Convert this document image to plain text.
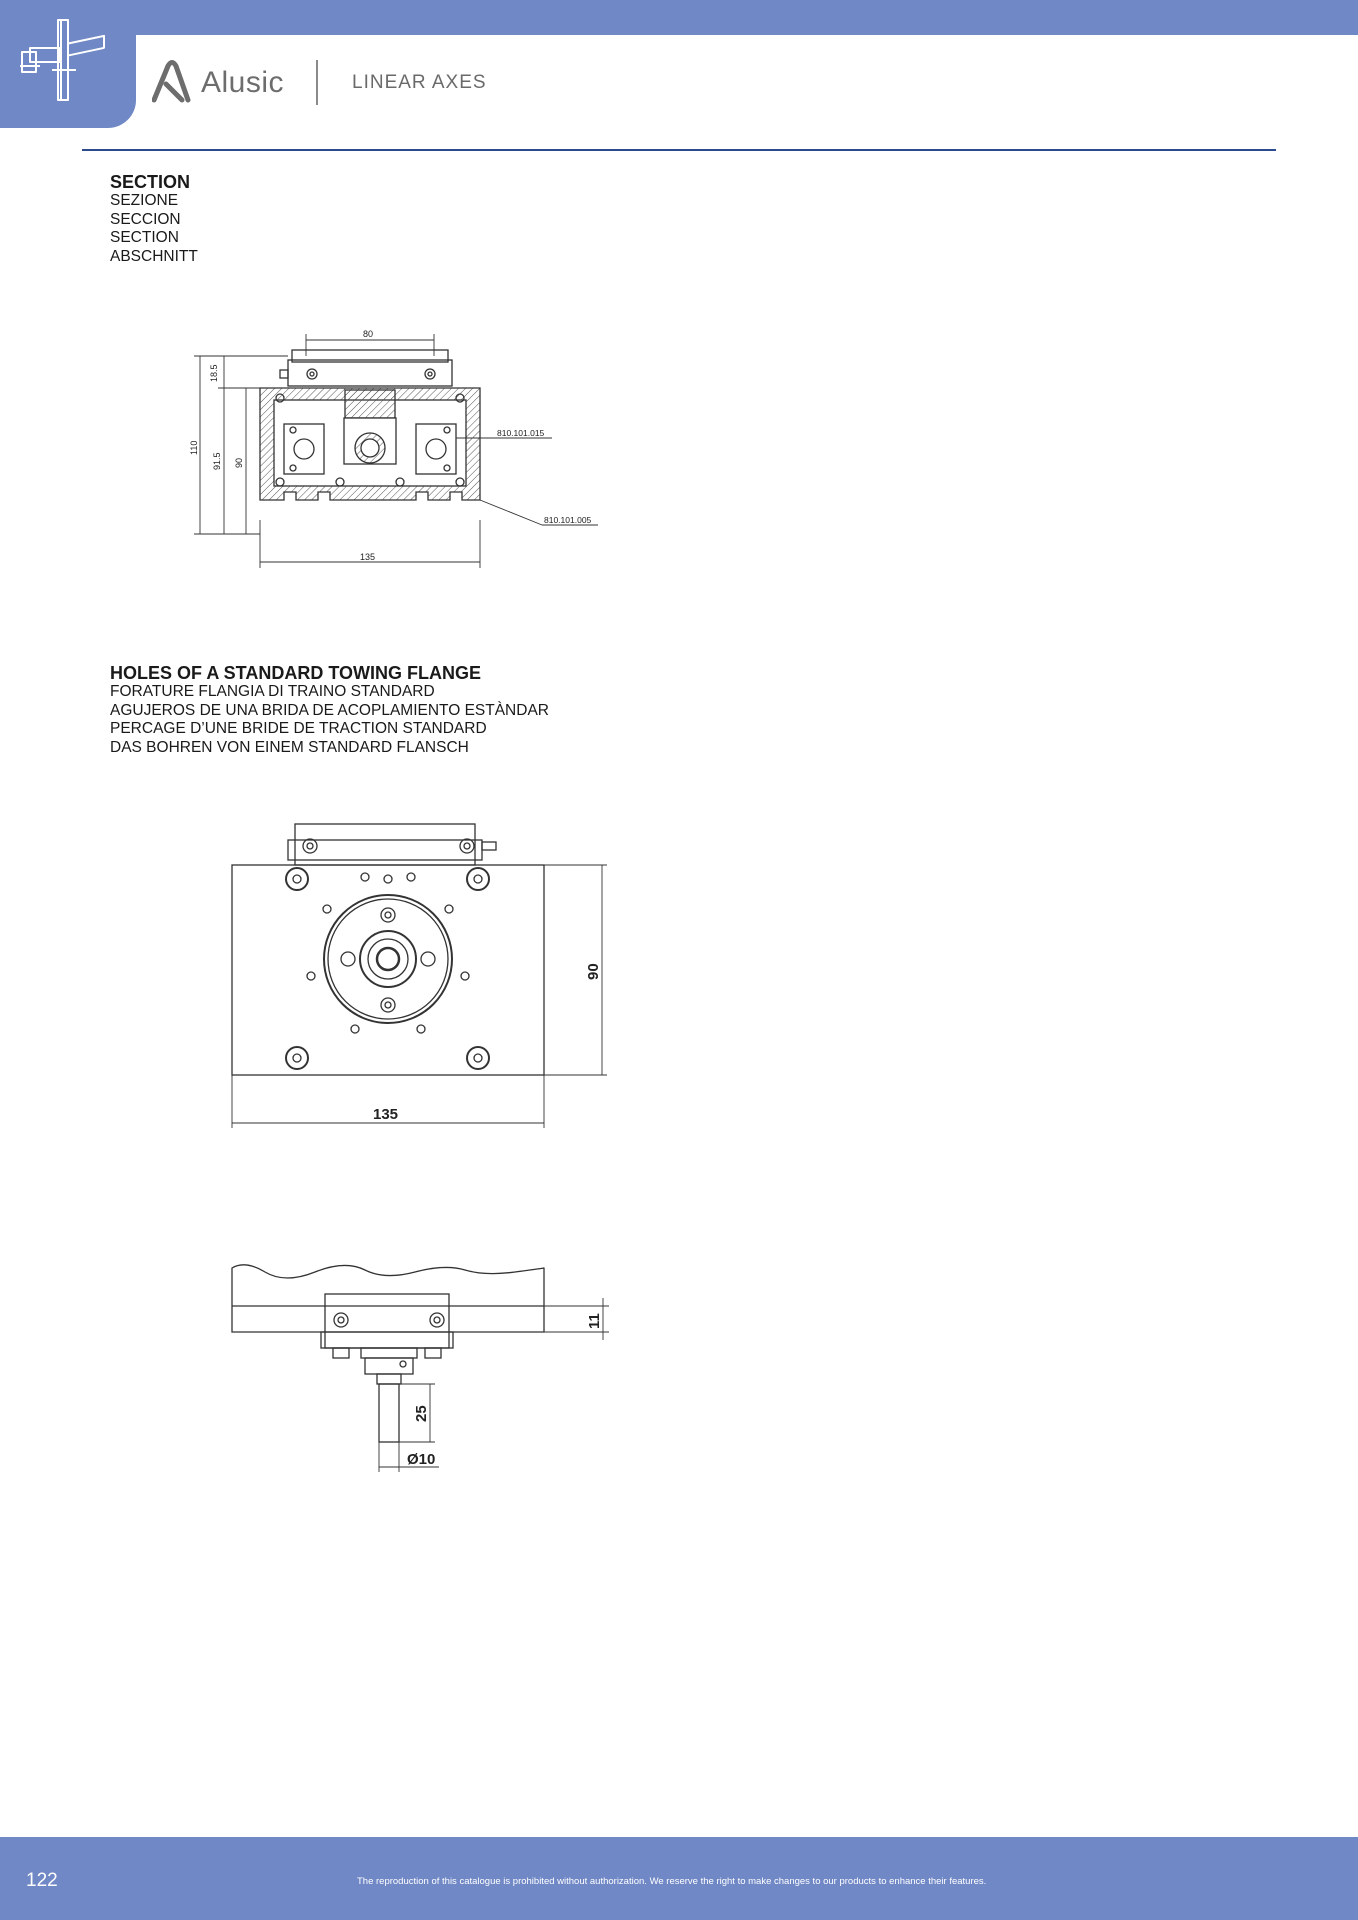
Alusic	LINEAR AXES

SECTION

SEZIONE

SECCION

SECTION

ABSCHNITT

80
18.5
110
91.5 90
135
810.101.015
810.101.005

HOLES OF A STANDARD TOWING FLANGE

FORATURE FLANGIA DI TRAINO STANDARD

AGUJEROS DE UNA BRIDA DE ACOPLAMIENTO ESTÀNDAR

PERCAGE D’UNE BRIDE DE TRACTION STANDARD

DAS BOHREN VON EINEM STANDARD FLANSCH

90
135
11
25
Ø10
122	The reproduction of this catalogue is prohibited without authorization. We reserve the right to make changes to our products to enhance their features.
